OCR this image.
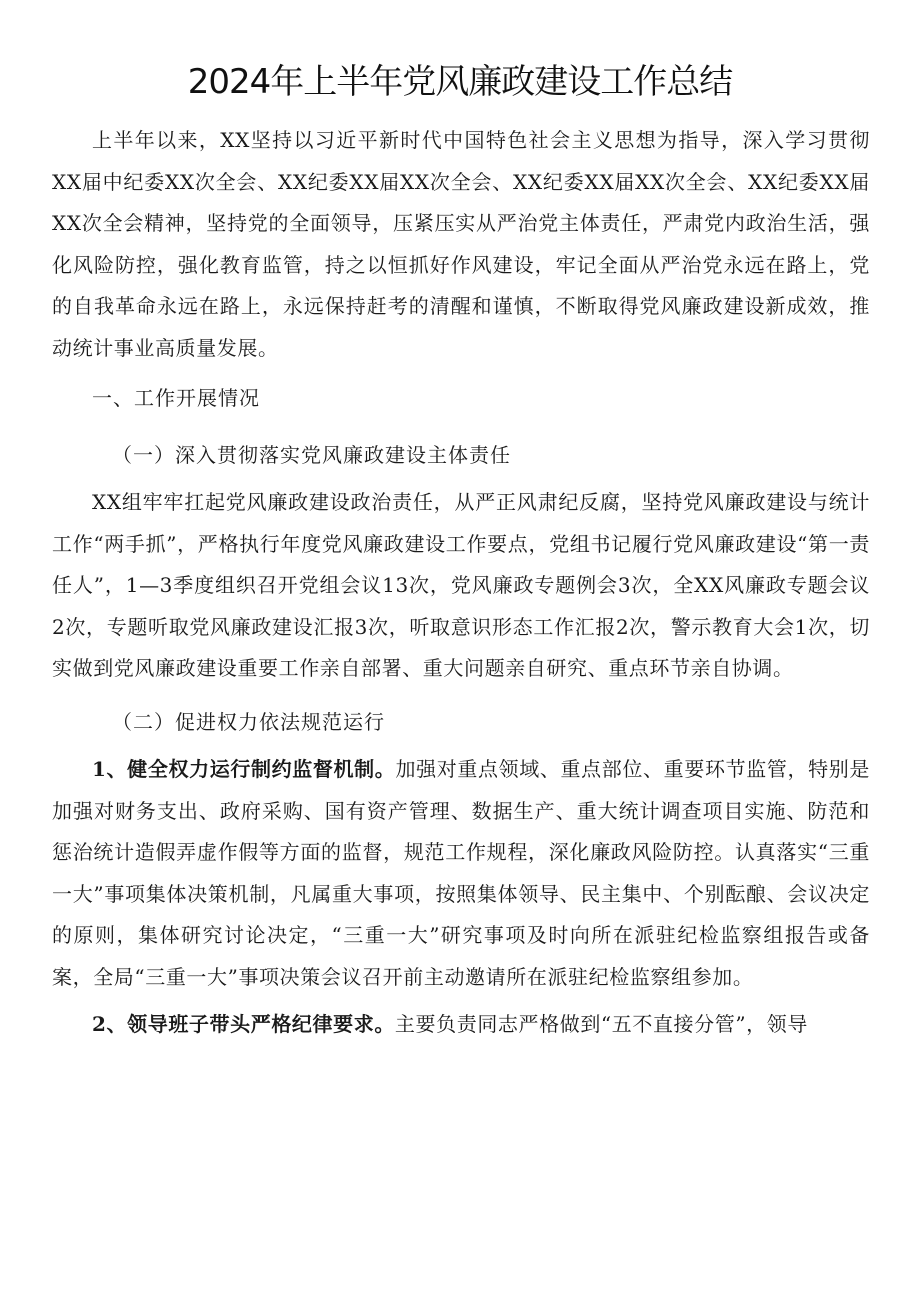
2024年上半年党风廉政建设工作总结

上半年以来，XX坚持以习近平新时代中国特色社会主义思想为指导，深入学习贯彻XX届中纪委XX次全会、XX纪委XX届XX次全会、XX纪委XX届XX次全会、XX纪委XX届XX次全会精神，坚持党的全面领导，压紧压实从严治党主体责任，严肃党内政治生活，强化风险防控，强化教育监管，持之以恒抓好作风建设，牢记全面从严治党永远在路上，党的自我革命永远在路上，永远保持赶考的清醒和谨慎，不断取得党风廉政建设新成效，推动统计事业高质量发展。

一、工作开展情况

（一）深入贯彻落实党风廉政建设主体责任

XX组牢牢扛起党风廉政建设政治责任，从严正风肃纪反腐，坚持党风廉政建设与统计工作“两手抓”，严格执行年度党风廉政建设工作要点，党组书记履行党风廉政建设“第一责任人”，1—3季度组织召开党组会议13次，党风廉政专题例会3次，全XX风廉政专题会议2次，专题听取党风廉政建设汇报3次，听取意识形态工作汇报2次，警示教育大会1次，切实做到党风廉政建设重要工作亲自部署、重大问题亲自研究、重点环节亲自协调。

（二）促进权力依法规范运行

1、健全权力运行制约监督机制。加强对重点领域、重点部位、重要环节监管，特别是加强对财务支出、政府采购、国有资产管理、数据生产、重大统计调查项目实施、防范和惩治统计造假弄虚作假等方面的监督，规范工作规程，深化廉政风险防控。认真落实“三重一大”事项集体决策机制，凡属重大事项，按照集体领导、民主集中、个别酝酿、会议决定的原则，集体研究讨论决定，“三重一大”研究事项及时向所在派驻纪检监察组报告或备案，全局“三重一大”事项决策会议召开前主动邀请所在派驻纪检监察组参加。

2、领导班子带头严格纪律要求。主要负责同志严格做到“五不直接分管”，领导
